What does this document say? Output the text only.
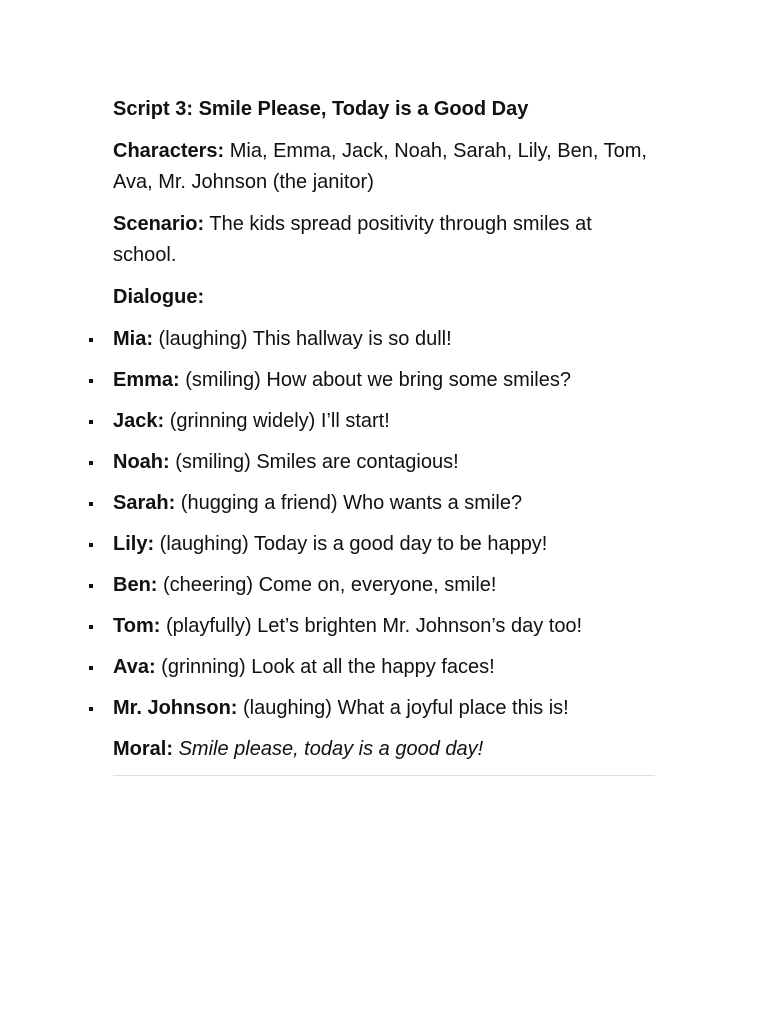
Script 3: Smile Please, Today is a Good Day

Characters: Mia, Emma, Jack, Noah, Sarah, Lily, Ben, Tom, Ava, Mr. Johnson (the janitor)

Scenario: The kids spread positivity through smiles at school.

Dialogue:

Mia: (laughing) This hallway is so dull!
Emma: (smiling) How about we bring some smiles?
Jack: (grinning widely) I’ll start!
Noah: (smiling) Smiles are contagious!
Sarah: (hugging a friend) Who wants a smile?
Lily: (laughing) Today is a good day to be happy!
Ben: (cheering) Come on, everyone, smile!
Tom: (playfully) Let’s brighten Mr. Johnson’s day too!
Ava: (grinning) Look at all the happy faces!
Mr. Johnson: (laughing) What a joyful place this is!

Moral: Smile please, today is a good day!
